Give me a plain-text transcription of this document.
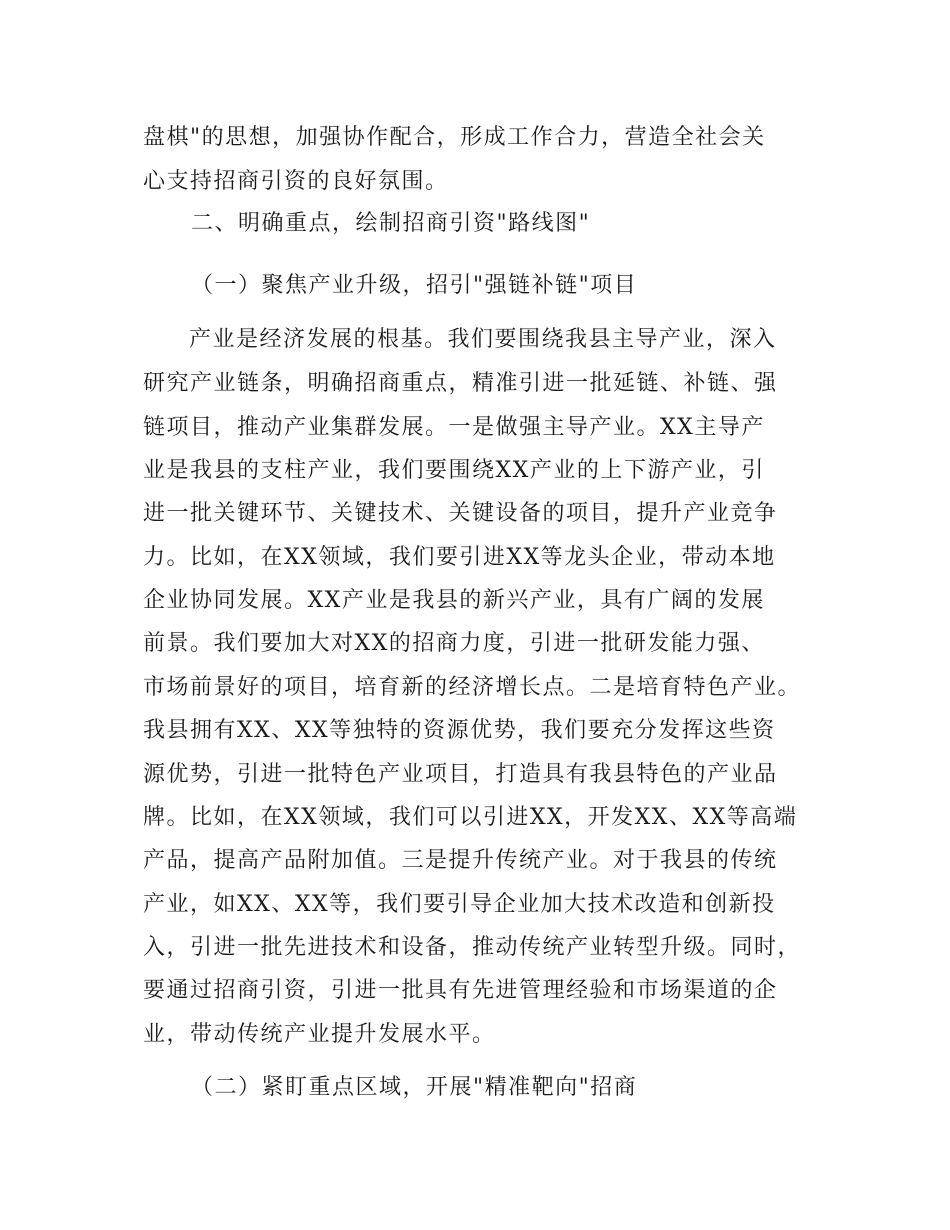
盘棋"的思想，加强协作配合，形成工作合力，营造全社会关
心支持招商引资的良好氛围。
二、明确重点，绘制招商引资"路线图"
（一）聚焦产业升级，招引"强链补链"项目
产业是经济发展的根基。我们要围绕我县主导产业，深入
研究产业链条，明确招商重点，精准引进一批延链、补链、强
链项目，推动产业集群发展。一是做强主导产业。XX主导产
业是我县的支柱产业，我们要围绕XX产业的上下游产业，引
进一批关键环节、关键技术、关键设备的项目，提升产业竞争
力。比如，在XX领域，我们要引进XX等龙头企业，带动本地
企业协同发展。XX产业是我县的新兴产业，具有广阔的发展
前景。我们要加大对XX的招商力度，引进一批研发能力强、
市场前景好的项目，培育新的经济增长点。二是培育特色产业。
我县拥有XX、XX等独特的资源优势，我们要充分发挥这些资
源优势，引进一批特色产业项目，打造具有我县特色的产业品
牌。比如，在XX领域，我们可以引进XX，开发XX、XX等高端
产品，提高产品附加值。三是提升传统产业。对于我县的传统
产业，如XX、XX等，我们要引导企业加大技术改造和创新投
入，引进一批先进技术和设备，推动传统产业转型升级。同时，
要通过招商引资，引进一批具有先进管理经验和市场渠道的企
业，带动传统产业提升发展水平。
（二）紧盯重点区域，开展"精准靶向"招商
